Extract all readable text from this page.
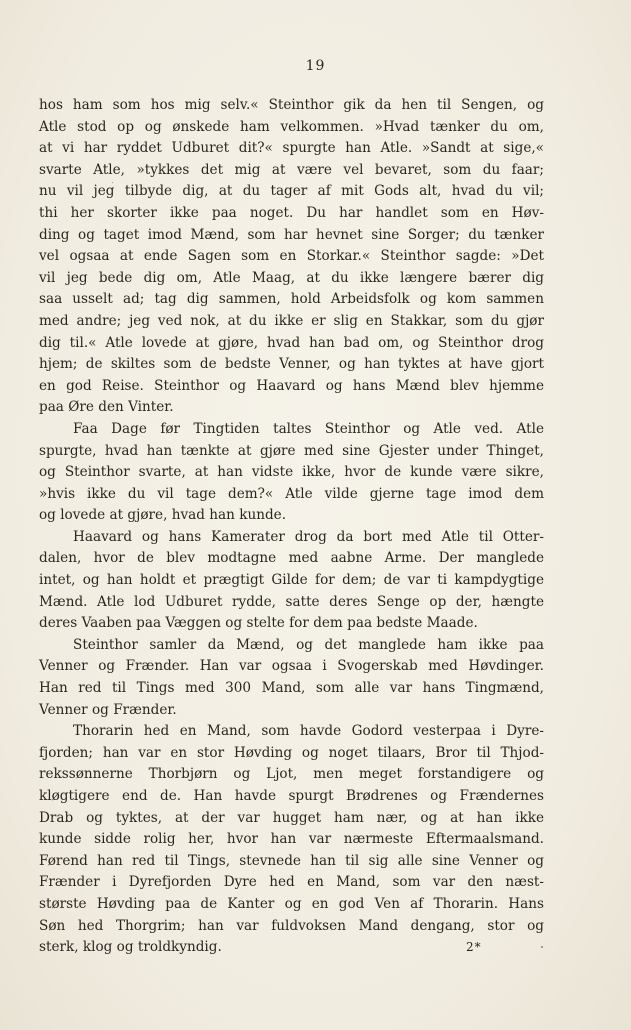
19
hos ham som hos mig selv.« Steinthor gik da hen til Sengen, og
Atle stod op og ønskede ham velkommen. »Hvad tænker du om,
at vi har ryddet Udburet dit?« spurgte han Atle. »Sandt at sige,«
svarte Atle, »tykkes det mig at være vel bevaret, som du faar;
nu vil jeg tilbyde dig, at du tager af mit Gods alt, hvad du vil;
thi her skorter ikke paa noget. Du har handlet som en Høv-
ding og taget imod Mænd, som har hevnet sine Sorger; du tænker
vel ogsaa at ende Sagen som en Storkar.« Steinthor sagde: »Det
vil jeg bede dig om, Atle Maag, at du ikke længere bærer dig
saa usselt ad; tag dig sammen, hold Arbeidsfolk og kom sammen
med andre; jeg ved nok, at du ikke er slig en Stakkar, som du gjør
dig til.« Atle lovede at gjøre, hvad han bad om, og Steinthor drog
hjem; de skiltes som de bedste Venner, og han tyktes at have gjort
en god Reise. Steinthor og Haavard og hans Mænd blev hjemme
paa Øre den Vinter.
Faa Dage før Tingtiden taltes Steinthor og Atle ved. Atle
spurgte, hvad han tænkte at gjøre med sine Gjester under Thinget,
og Steinthor svarte, at han vidste ikke, hvor de kunde være sikre,
»hvis ikke du vil tage dem?« Atle vilde gjerne tage imod dem
og lovede at gjøre, hvad han kunde.
Haavard og hans Kamerater drog da bort med Atle til Otter-
dalen, hvor de blev modtagne med aabne Arme. Der manglede
intet, og han holdt et prægtigt Gilde for dem; de var ti kampdygtige
Mænd. Atle lod Udburet rydde, satte deres Senge op der, hængte
deres Vaaben paa Væggen og stelte for dem paa bedste Maade.
Steinthor samler da Mænd, og det manglede ham ikke paa
Venner og Frænder. Han var ogsaa i Svogerskab med Høvdinger.
Han red til Tings med 300 Mand, som alle var hans Tingmænd,
Venner og Frænder.
Thorarin hed en Mand, som havde Godord vesterpaa i Dyre-
fjorden; han var en stor Høvding og noget tilaars, Bror til Thjod-
rekssønnerne Thorbjørn og Ljot, men meget forstandigere og
kløgtigere end de. Han havde spurgt Brødrenes og Frændernes
Drab og tyktes, at der var hugget ham nær, og at han ikke
kunde sidde rolig her, hvor han var nærmeste Eftermaalsmand.
Førend han red til Tings, stevnede han til sig alle sine Venner og
Frænder i Dyrefjorden Dyre hed en Mand, som var den næst-
største Høvding paa de Kanter og en god Ven af Thorarin. Hans
Søn hed Thorgrim; han var fuldvoksen Mand dengang, stor og
sterk, klog og troldkyndig.	2*
